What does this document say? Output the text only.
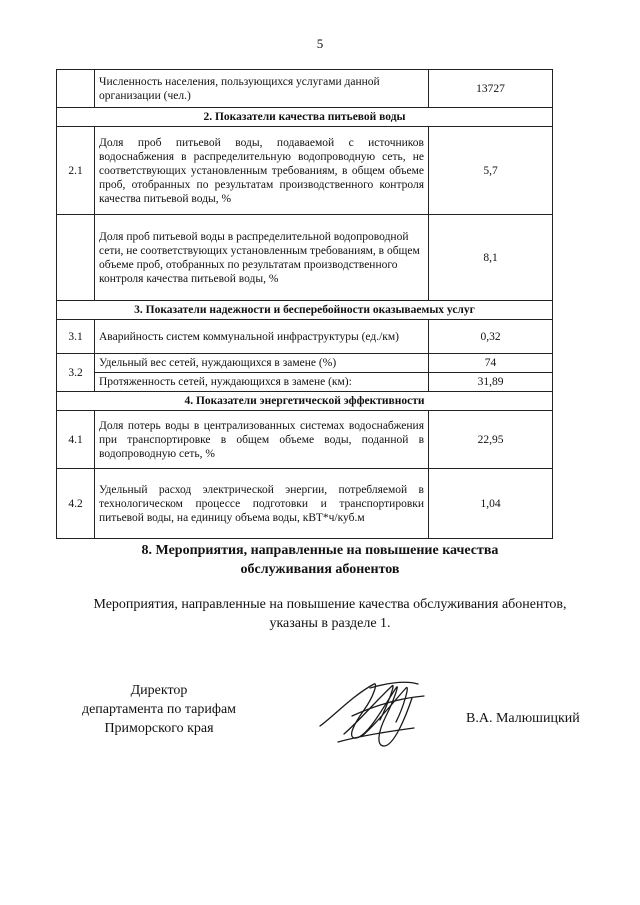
5
	Численность населения, пользующихся услугами данной организации (чел.)	13727
2. Показатели качества питьевой воды		
2.1	Доля проб питьевой воды, подаваемой с источников водоснабжения в распределительную водопроводную сеть, не соответствующих установленным требованиям, в общем объеме проб, отобранных по результатам производственного контроля качества питьевой воды, %	5,7
	Доля проб питьевой воды в распределительной водопроводной сети, не соответствующих установленным требованиям, в общем объеме проб, отобранных по результатам производственного контроля качества питьевой воды, %	8,1
3. Показатели надежности и бесперебойности оказываемых услуг		
3.1	Аварийность систем коммунальной инфраструктуры (ед./км)	0,32
3.2	Удельный вес сетей, нуждающихся в замене (%)	74
	Протяженность сетей, нуждающихся в замене (км):	31,89
4. Показатели энергетической эффективности		
4.1	Доля потерь воды в централизованных системах водоснабжения при транспортировке в общем объеме воды, поданной в водопроводную сеть, %	22,95
4.2	Удельный расход электрической энергии, потребляемой в технологическом процессе подготовки и транспортировки питьевой воды, на единицу объема воды, кВТ*ч/куб.м	1,04
8. Мероприятия, направленные на повышение качества
обслуживания абонентов
Мероприятия, направленные на повышение качества обслуживания абонентов,
указаны в разделе 1.
Директор
департамента по тарифам
Приморского края
В.А. Малюшицкий
